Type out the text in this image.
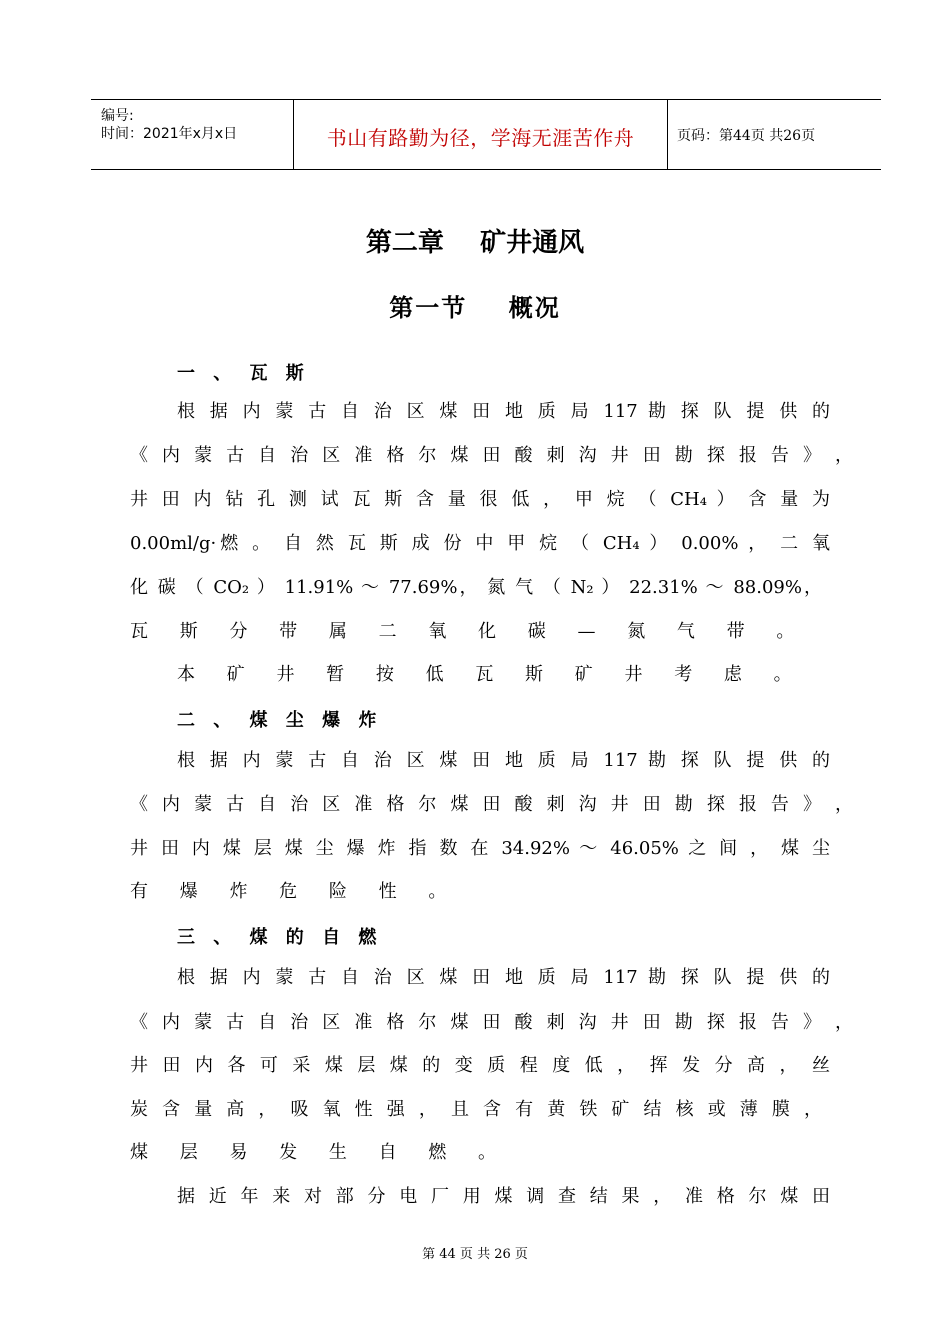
编号:
时间：2021年x月x日	书山有路勤为径，学海无涯苦作舟	页码：第44页 共26页
第二章    矿井通风
第一节    概况
一 、 瓦 斯
根 据 内 蒙 古 自 治 区 煤 田 地 质 局 117 勘 探 队 提 供 的
《 内 蒙 古 自 治 区 准 格 尔 煤 田 酸 刺 沟 井 田 勘 探 报 告 》 ，
井 田 内 钻 孔 测 试 瓦 斯 含 量 很 低 ， 甲 烷 （ CH₄ ） 含 量 为
0.00ml/g·燃 。 自 然 瓦 斯 成 份 中 甲 烷 （ CH₄ ） 0.00% ， 二 氧
化 碳 （ CO₂ ） 11.91% ～ 77.69%， 氮 气 （ N₂ ） 22.31% ～ 88.09%，
瓦 斯 分 带 属 二 氧 化 碳 — 氮 气 带 。
本 矿 井 暂 按 低 瓦 斯 矿 井 考 虑 。
二 、 煤 尘 爆 炸
根 据 内 蒙 古 自 治 区 煤 田 地 质 局 117 勘 探 队 提 供 的
《 内 蒙 古 自 治 区 准 格 尔 煤 田 酸 刺 沟 井 田 勘 探 报 告 》 ，
井 田 内 煤 层 煤 尘 爆 炸 指 数 在 34.92% ～ 46.05% 之 间 ， 煤 尘
有 爆 炸 危 险 性 。
三 、 煤 的 自 燃
根 据 内 蒙 古 自 治 区 煤 田 地 质 局 117 勘 探 队 提 供 的
《 内 蒙 古 自 治 区 准 格 尔 煤 田 酸 刺 沟 井 田 勘 探 报 告 》 ，
井 田 内 各 可 采 煤 层 煤 的 变 质 程 度 低 ， 挥 发 分 高 ， 丝
炭 含 量 高 ， 吸 氧 性 强 ， 且 含 有 黄 铁 矿 结 核 或 薄 膜 ，
煤 层 易 发 生 自 燃 。
据 近 年 来 对 部 分 电 厂 用 煤 调 查 结 果 ， 准 格 尔 煤 田
第 44 页 共 26 页
